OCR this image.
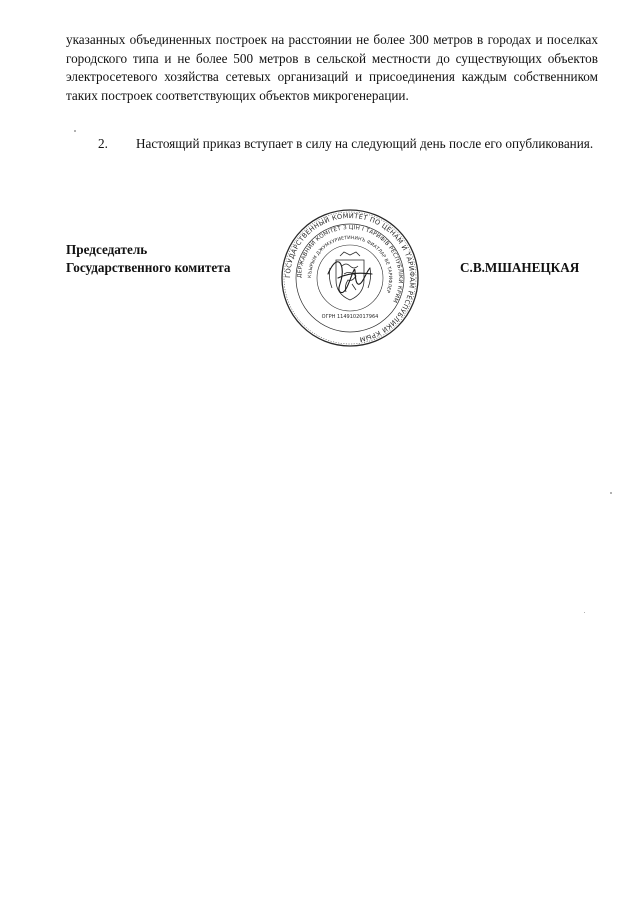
указанных объединенных построек на расстоянии не более 300 метров в городах и поселках городского типа и не более 500 метров в сельской местности до существующих объектов электросетевого хозяйства сетевых организаций и присоединения каждым собственником таких построек соответствующих объектов микрогенерации.

2. Настоящий приказ вступает в силу на следующий день после его опубликования.

Председатель
Государственного комитета
ГОСУДАРСТВЕННЫЙ КОМИТЕТ ПО ЦЕНАМ И ТАРИФАМ РЕСПУБЛИКИ КРЫМ
ДЕРЖАВНИЙ КОМІТЕТ З ЦІН І ТАРИФІВ РЕСПУБЛІКИ КРИМ
КЪЫРЫМ ДЖУМХУРИЕТИНИНЪ ФИАТЛАР ВЕ ТАРИФЛЕР
ОГРН 1149102017964
С.В.МШАНЕЦКАЯ
